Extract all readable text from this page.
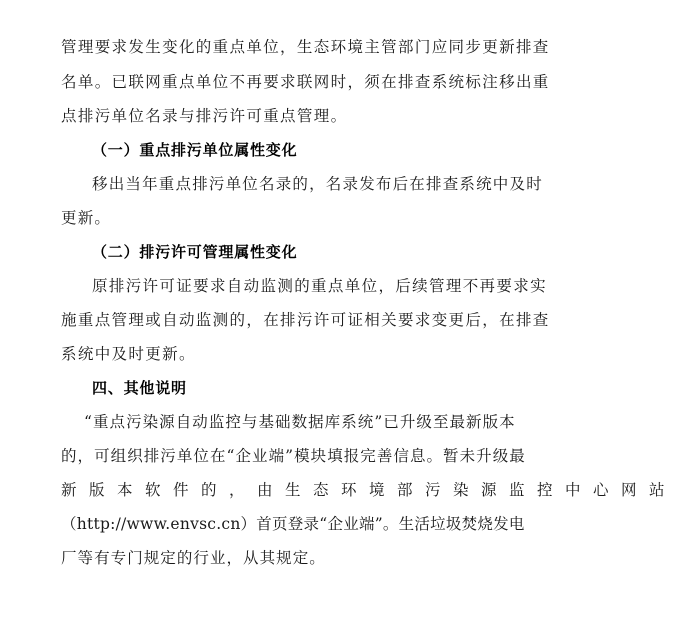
管理要求发生变化的重点单位，生态环境主管部门应同步更新排查
名单。已联网重点单位不再要求联网时，须在排查系统标注移出重
点排污单位名录与排污许可重点管理。
（一）重点排污单位属性变化
移出当年重点排污单位名录的，名录发布后在排查系统中及时
更新。
（二）排污许可管理属性变化
原排污许可证要求自动监测的重点单位，后续管理不再要求实
施重点管理或自动监测的，在排污许可证相关要求变更后，在排查
系统中及时更新。
四、其他说明
“重点污染源自动监控与基础数据库系统”已升级至最新版本
的，可组织排污单位在“企业端”模块填报完善信息。暂未升级最
新版本软件的，由生态环境部污染源监控中心网站
（http://www.envsc.cn）首页登录“企业端”。生活垃圾焚烧发电
厂等有专门规定的行业，从其规定。
